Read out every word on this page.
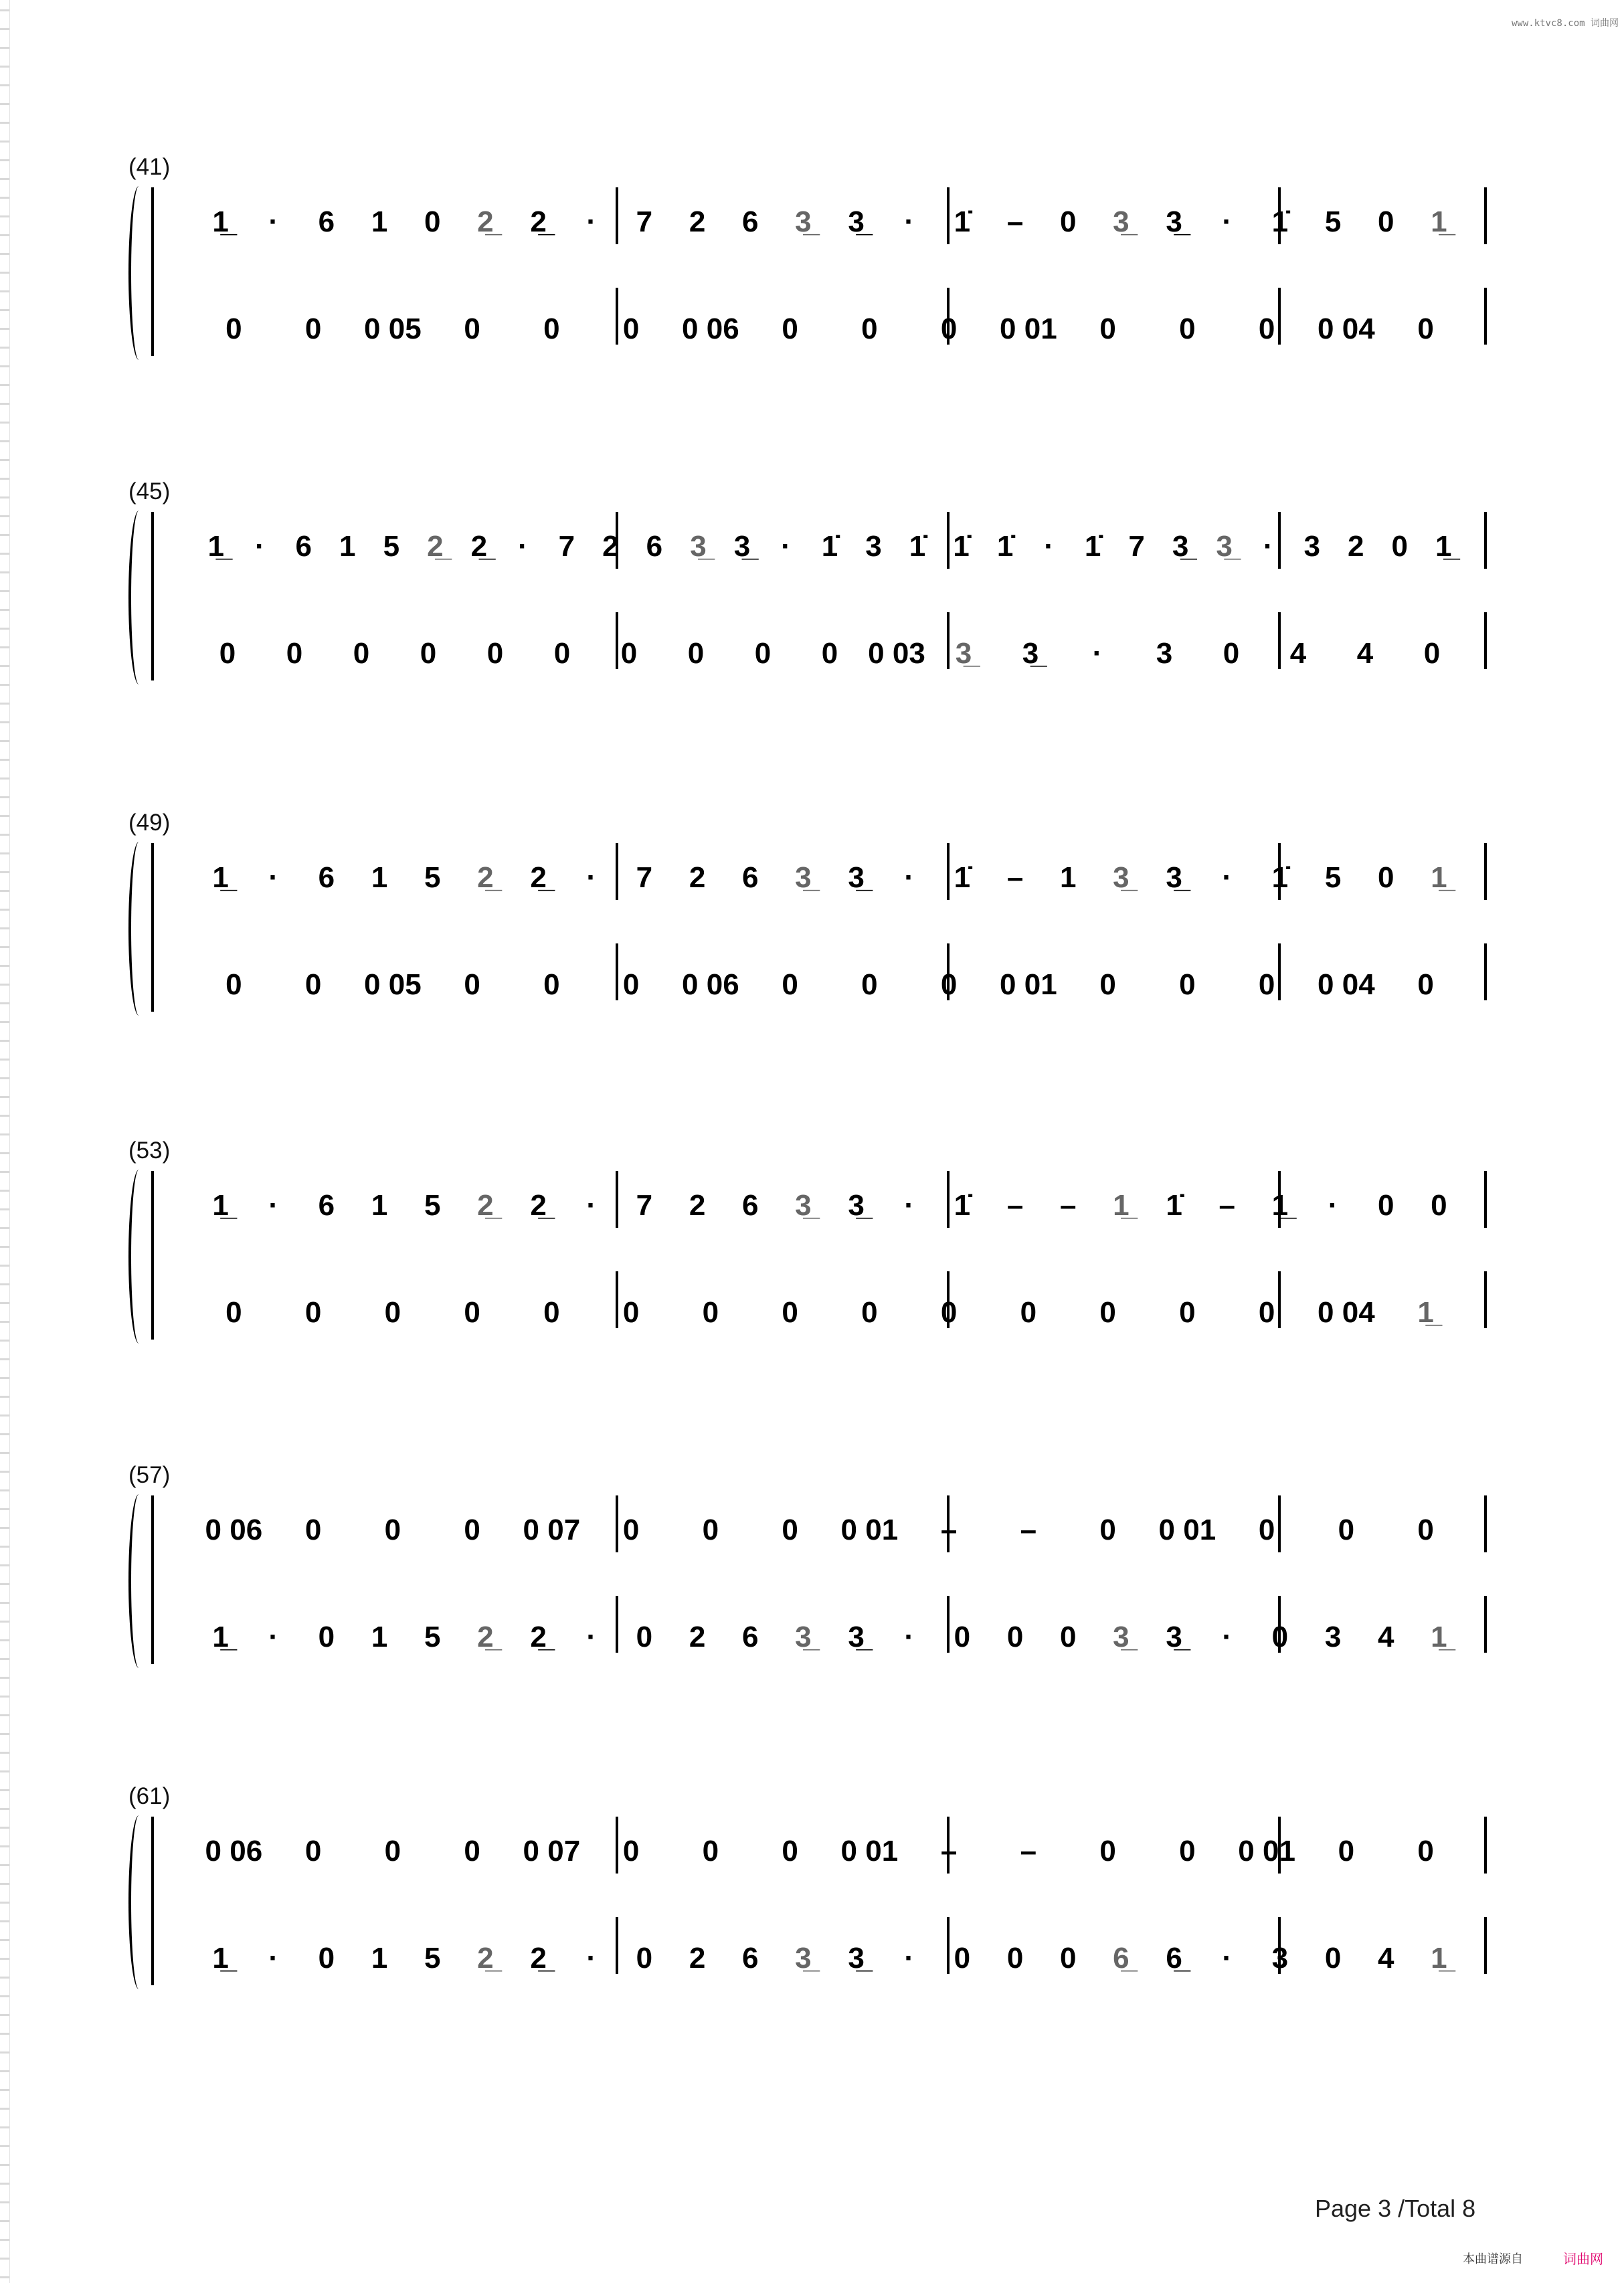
www.ktvc8.com 词曲网
(41)
1̲ · 6 1 0 2̲ 2̲ · 7 2 6 3̲ 3̲ · 1̇ – 0 3̲ 3̲ · 1̇ 5 0 1̲
0 0 0 05 0 0 0 0 06 0 0 0 0 01 0 0 0 0 04 0
(45)
1̲ · 6 1 5 2̲ 2̲ · 7 2 6 3̲ 3̲ · 1̇ 3 1̇ 1̇ 1̇ · 1̇ 7 3̲ 3̲ · 3 2 0 1̲
0 0 0 0 0 0 0 0 0 0 0 03 3̲ 3̲ · 3 0 4 4 0
(49)
1̲ · 6 1 5 2̲ 2̲ · 7 2 6 3̲ 3̲ · 1̇ – 1 3̲ 3̲ · 1̇ 5 0 1̲
0 0 0 05 0 0 0 0 06 0 0 0 0 01 0 0 0 0 04 0
(53)
1̲ · 6 1 5 2̲ 2̲ · 7 2 6 3̲ 3̲ · 1̇ – – 1̲ 1̇ – 1̲ · 0 0
0 0 0 0 0 0 0 0 0 0 0 0 0 0 0 04 1̲
(57)
0 06 0 0 0 0 07 0 0 0 0 01 – – 0 0 01 0 0 0
1̲ · 0 1 5 2̲ 2̲ · 0 2 6 3̲ 3̲ · 0 0 0 3̲ 3̲ · 0 3 4 1̲
(61)
0 06 0 0 0 0 07 0 0 0 0 01 – – 0 0 0 01 0 0
1̲ · 0 1 5 2̲ 2̲ · 0 2 6 3̲ 3̲ · 0 0 0 6̲ 6̲ · 3 0 4 1̲
Page 3 /Total 8
本曲谱源自	词曲网
